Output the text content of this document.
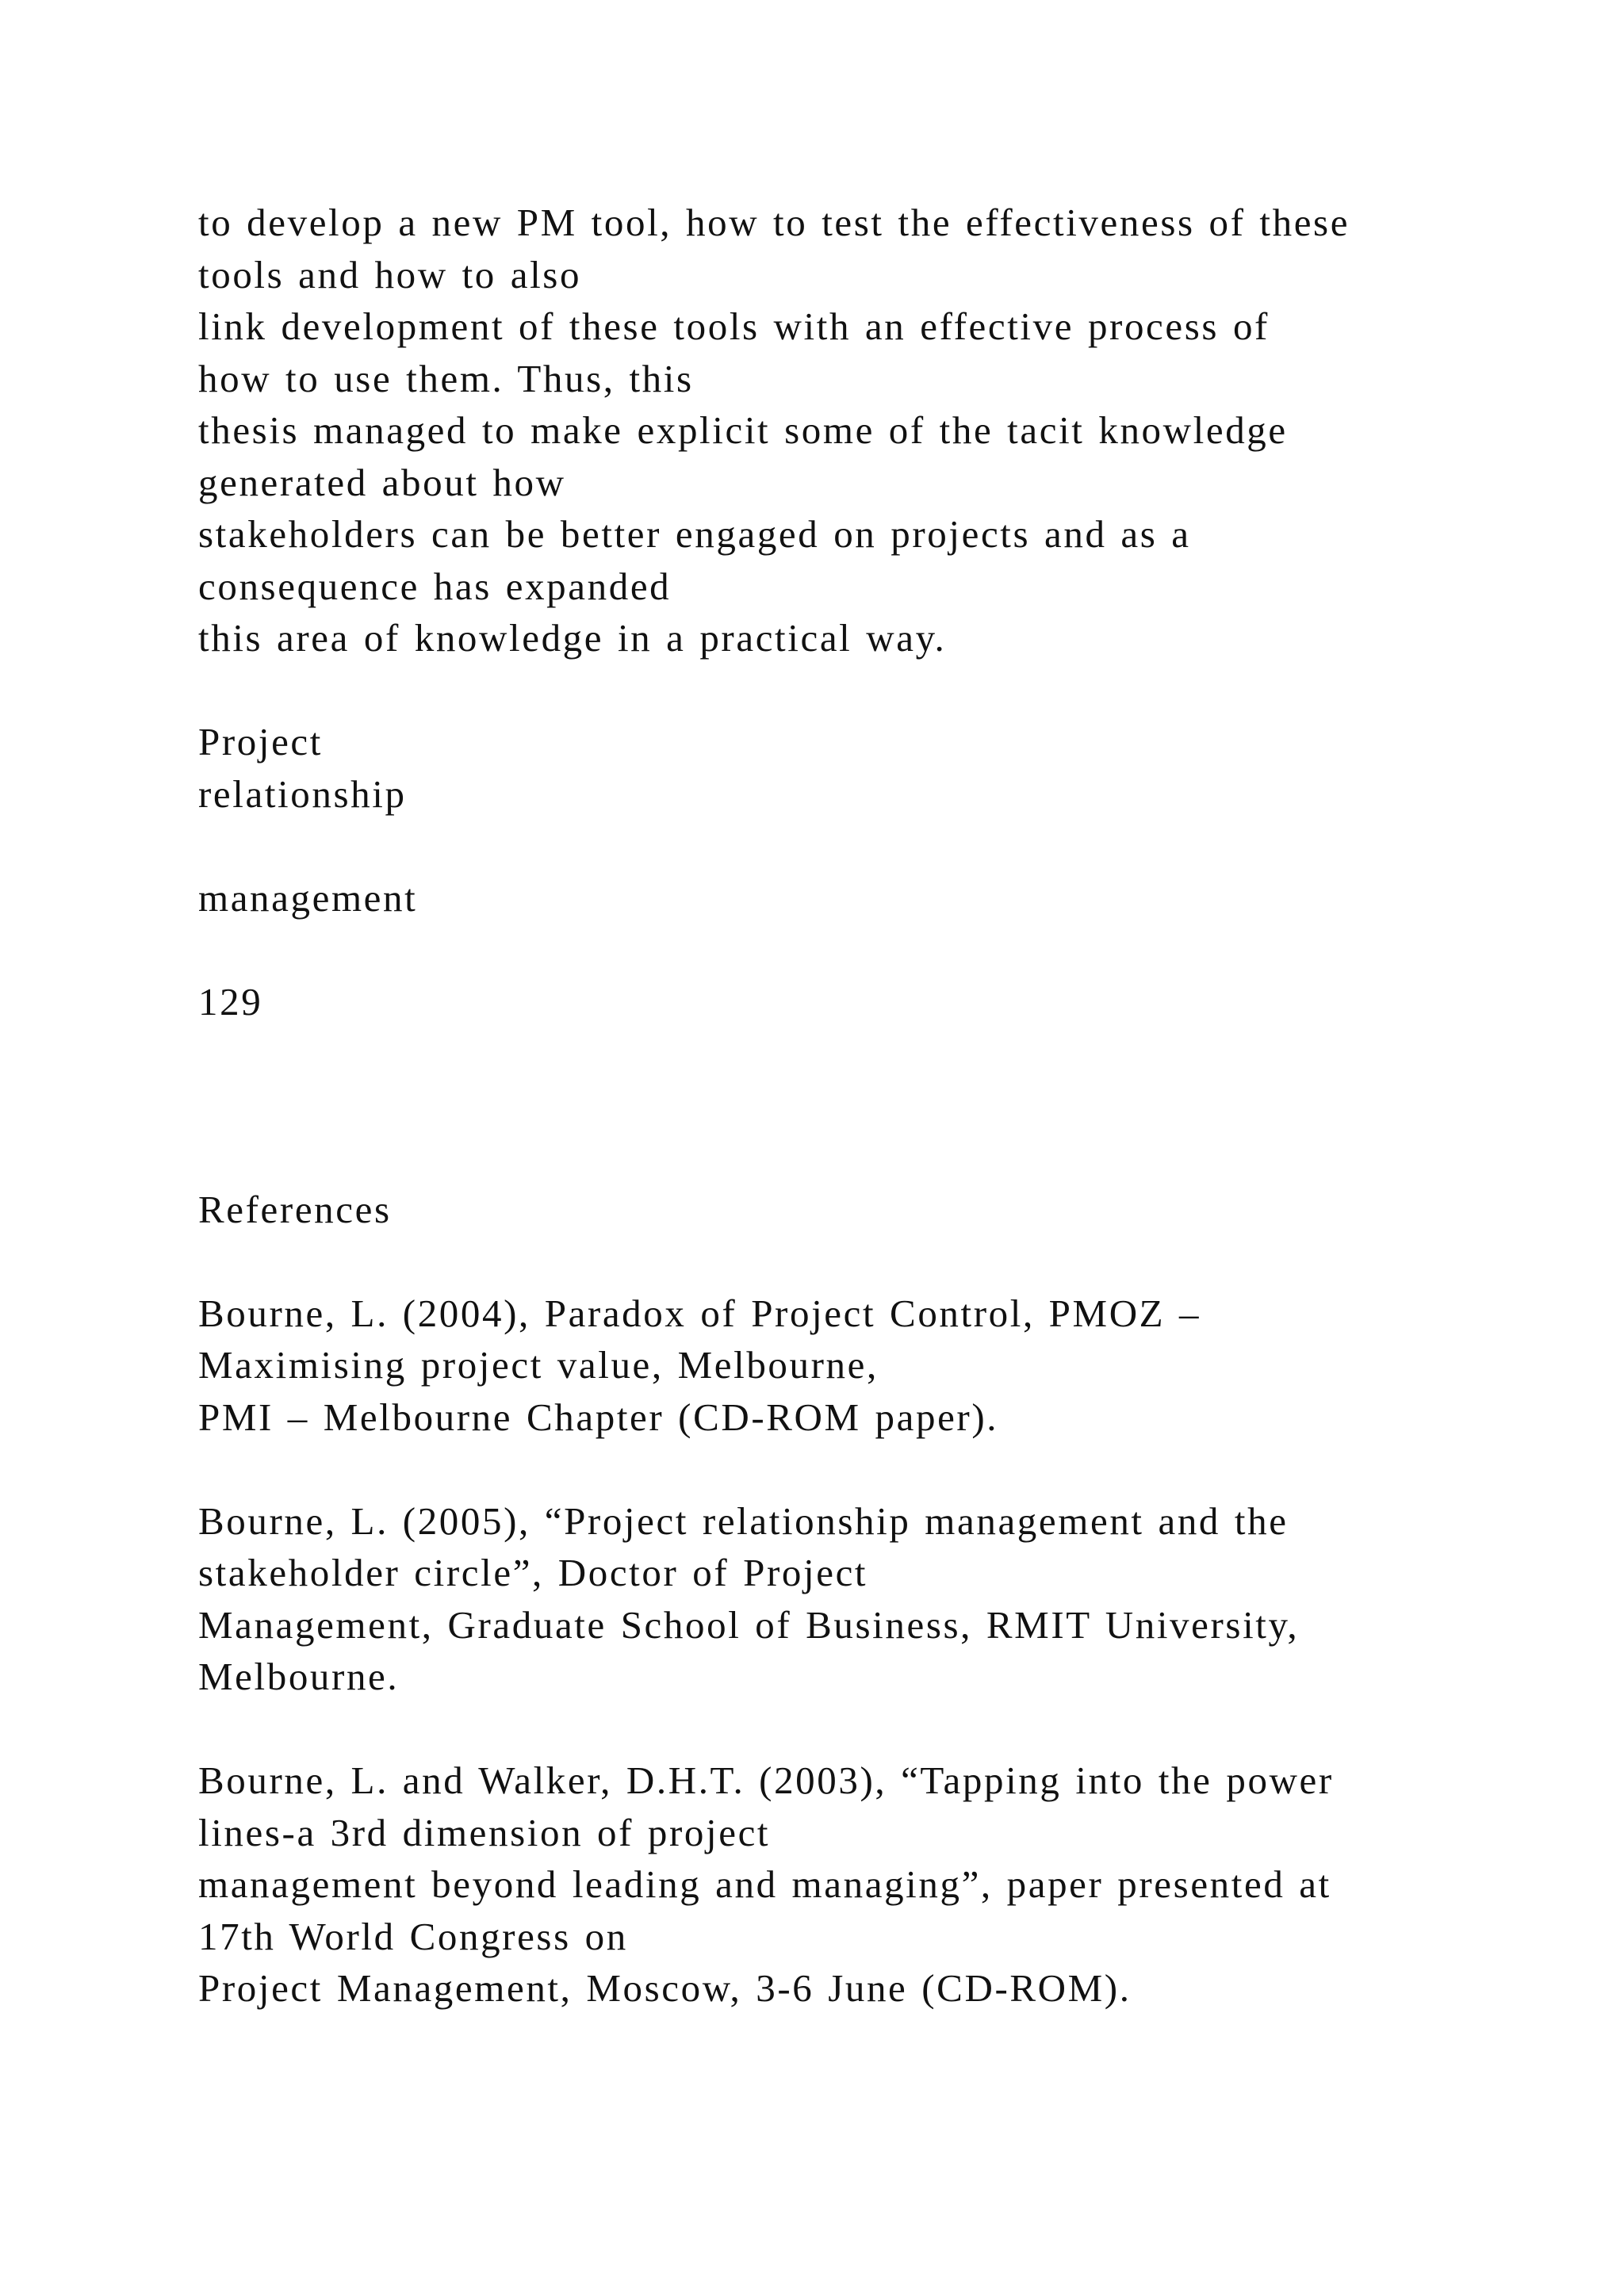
to develop a new PM tool, how to test the effectiveness of these
tools and how to also
link development of these tools with an effective process of
how to use them. Thus, this
thesis managed to make explicit some of the tacit knowledge
generated about how
stakeholders can be better engaged on projects and as a
consequence has expanded
this area of knowledge in a practical way.
Project
relationship
management
129
References
Bourne, L. (2004), Paradox of Project Control, PMOZ –
Maximising project value, Melbourne,
PMI – Melbourne Chapter (CD-ROM paper).
Bourne, L. (2005), “Project relationship management and the
stakeholder circle”, Doctor of Project
Management, Graduate School of Business, RMIT University,
Melbourne.
Bourne, L. and Walker, D.H.T. (2003), “Tapping into the power
lines-a 3rd dimension of project
management beyond leading and managing”, paper presented at
17th World Congress on
Project Management, Moscow, 3-6 June (CD-ROM).
